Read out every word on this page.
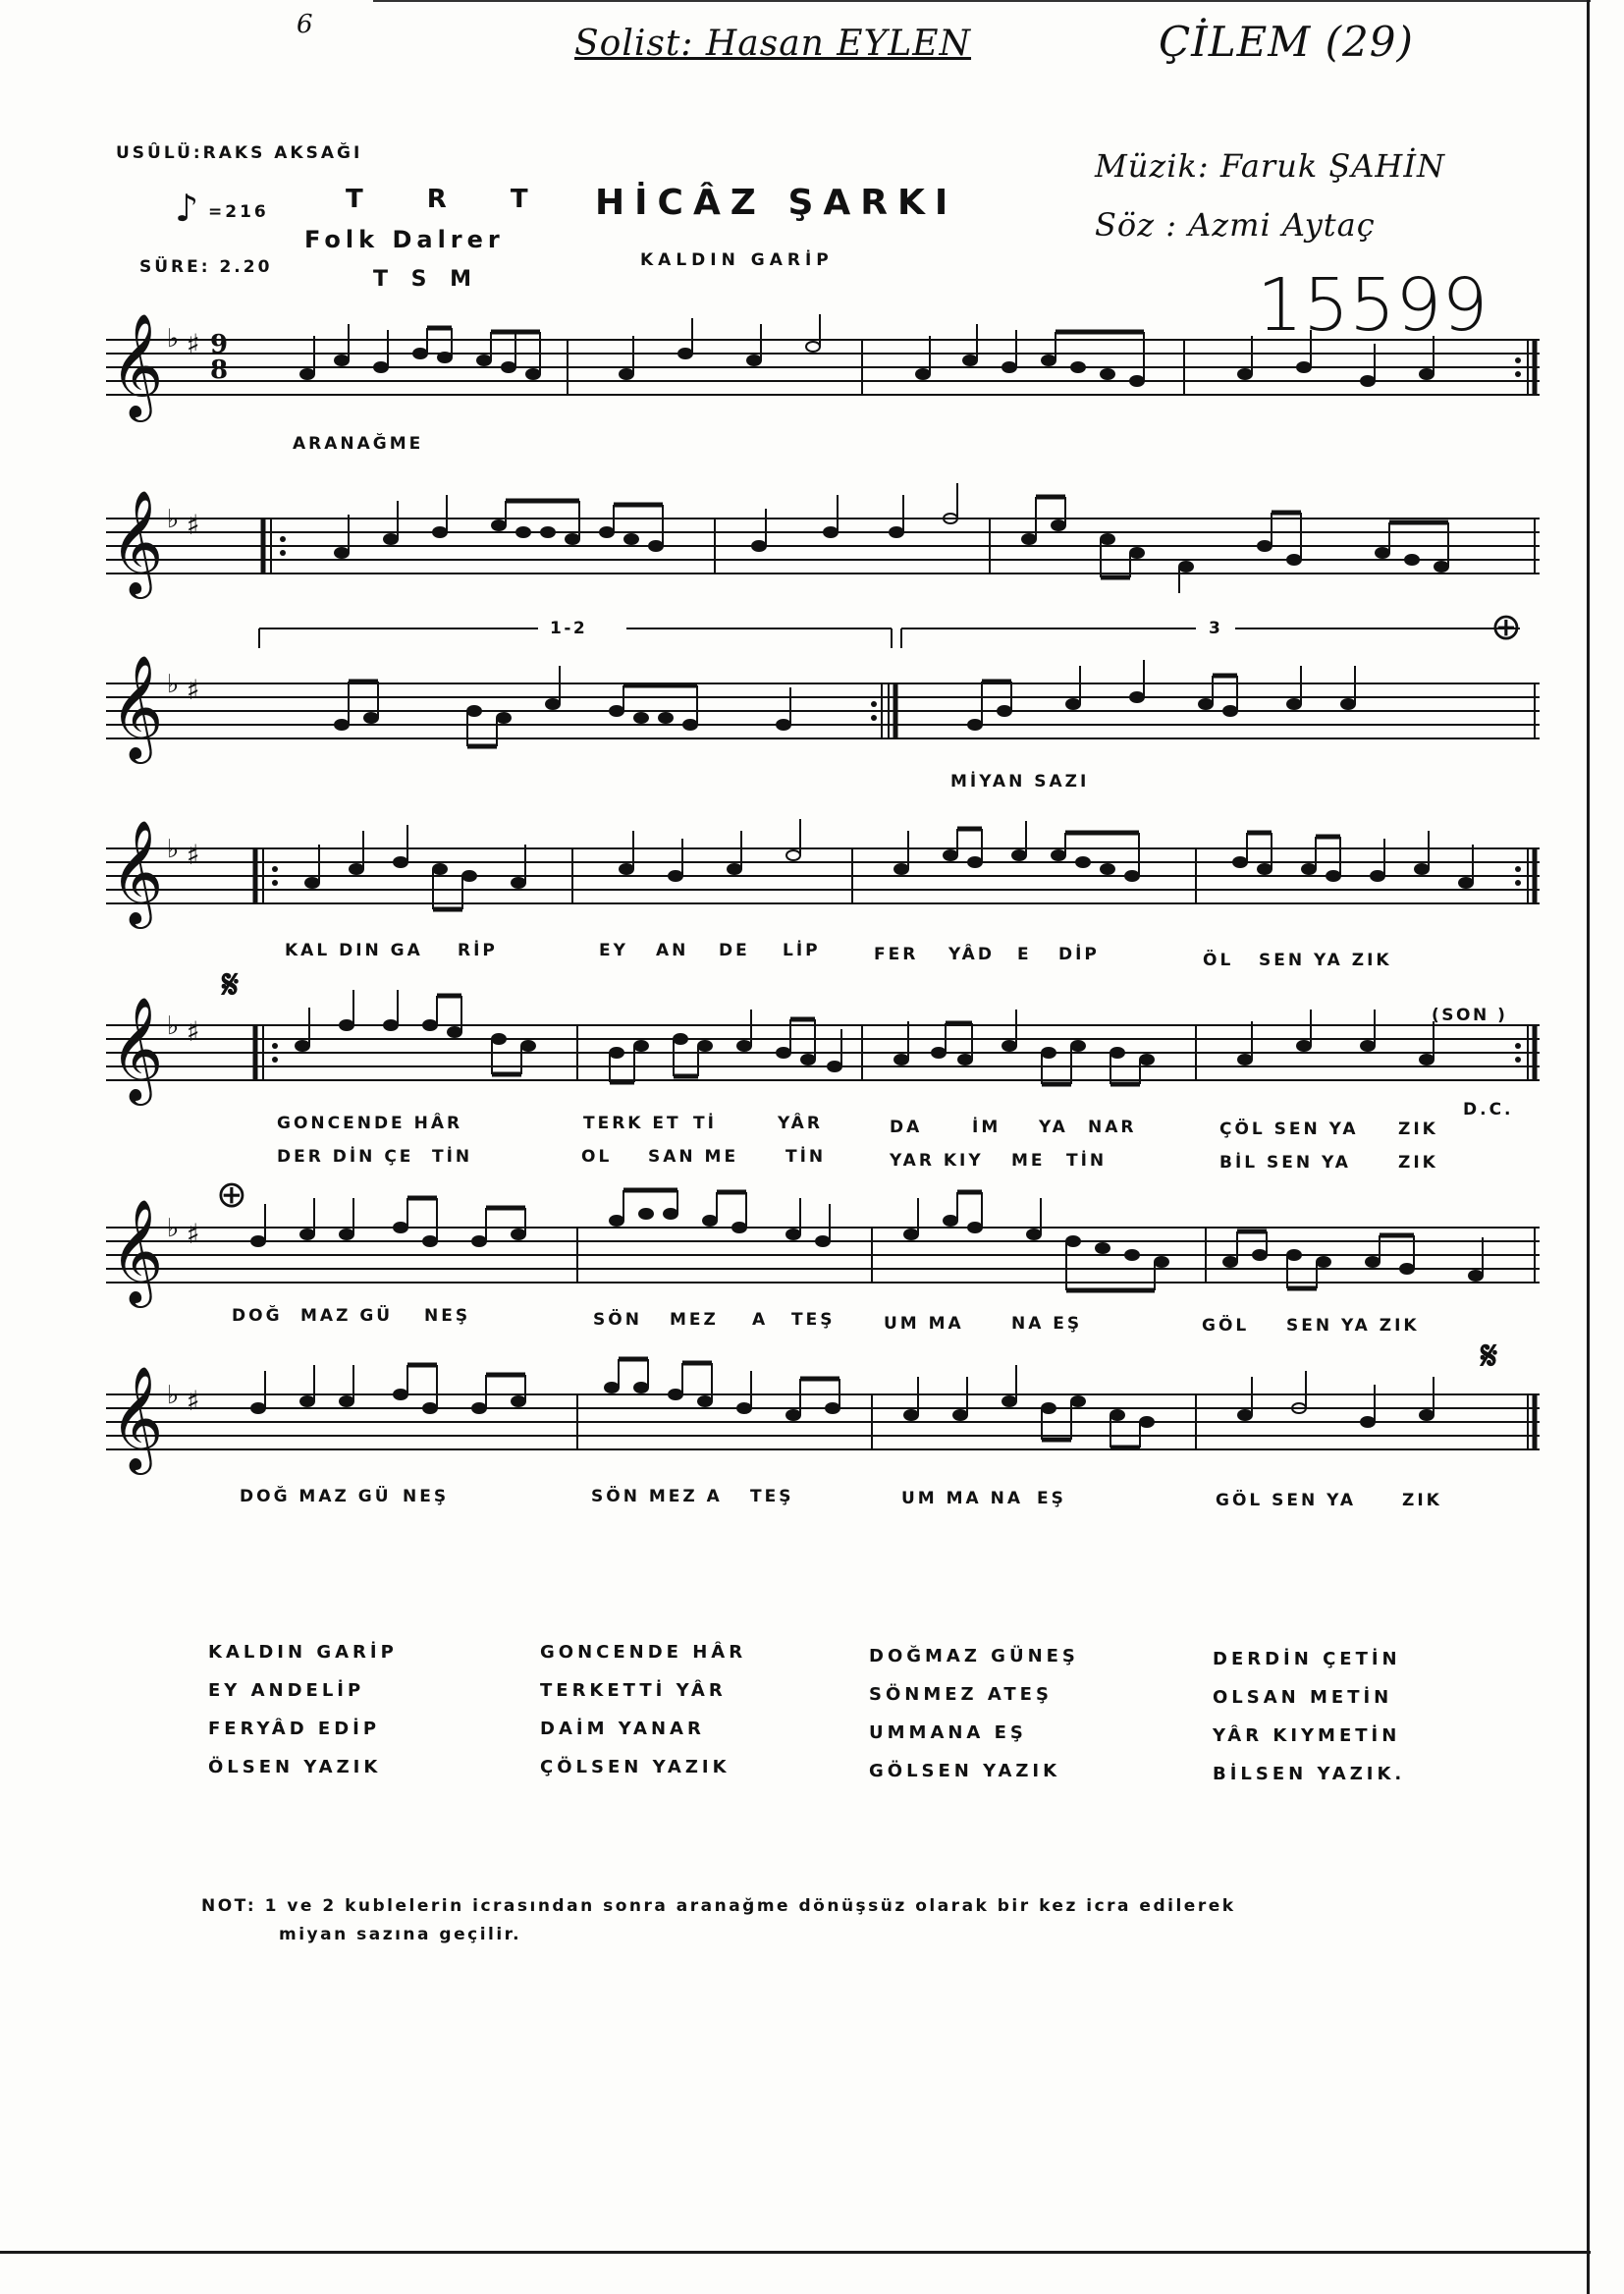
6	Solist: Hasan EYLEN	ÇİLEM (29)
Müzik: Faruk ŞAHİN
Söz : Azmi Aytaç
15599
USÛLÜ:RAKS AKSAĞI
♪ =216
SÜRE: 2.20
T R T
Folk Dalrer
T S M
HİCÂZ ŞARKI
KALDIN GARİP
𝄞 ♭ ♯ 9
8
ARANAĞME
𝄞 ♭ ♯
𝄞 ♭ ♯
1-2	3	⊕
MİYAN SAZI
𝄞 ♭ ♯
KAL DIN GA RİP	EY AN DE LİP	FER YÂD E DİP	ÖL SEN YA ZIK
𝄞 ♭ ♯
𝄋
(SON )
GONCENDE HÂR	TERK ET Tİ	YÂR	DA	İM YA NAR	ÇÖL SEN YA ZIK
D.C.
DER DİN ÇE TİN	OL SAN ME	TİN	YAR KIY ME TİN	BİL SEN YA	ZIK
𝄞 ♭ ♯
⊕
DOĞ MAZ GÜ NEŞ	SÖN MEZ A TEŞ	UM MA	NA EŞ	GÖL SEN YA ZIK
𝄞 ♭ ♯
𝄋
DOĞ MAZ GÜ NEŞ	SÖN MEZ A TEŞ	UM MA NA EŞ	GÖL SEN YA	ZIK
KALDIN GARİP
EY ANDELİP
FERYÂD EDİP
ÖLSEN YAZIK
GONCENDE HÂR
TERKETTİ YÂR
DAİM YANAR
ÇÖLSEN YAZIK
DOĞMAZ GÜNEŞ
SÖNMEZ ATEŞ
UMMANA EŞ
GÖLSEN YAZIK
DERDİN ÇETİN
OLSAN METİN
YÂR KIYMETİN
BİLSEN YAZIK.
NOT: 1 ve 2 kublelerin icrasından sonra aranağme dönüşsüz olarak bir kez icra edilerek
miyan sazına geçilir.
